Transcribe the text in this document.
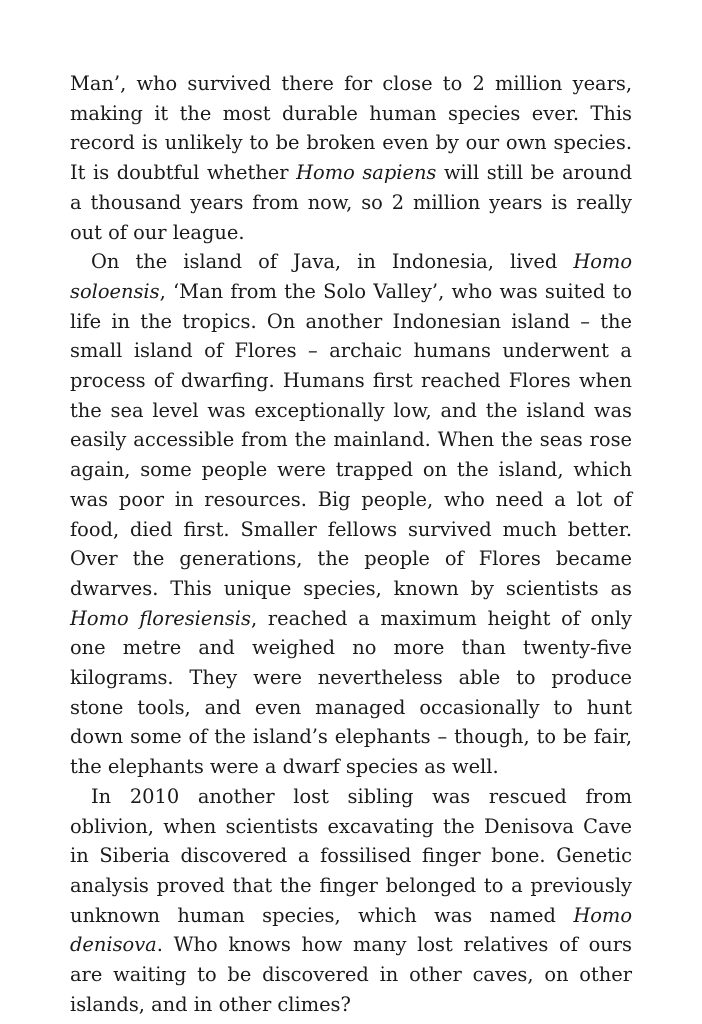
Man’, who survived there for close to 2 million years, making it the most durable human species ever. This record is unlikely to be broken even by our own species. It is doubtful whether Homo sapiens will still be around a thousand years from now, so 2 million years is really out of our league.

On the island of Java, in Indonesia, lived Homo soloensis, ‘Man from the Solo Valley’, who was suited to life in the tropics. On another Indonesian island – the small island of Flores – archaic humans underwent a process of dwarfing. Humans first reached Flores when the sea level was exceptionally low, and the island was easily accessible from the mainland. When the seas rose again, some people were trapped on the island, which was poor in resources. Big people, who need a lot of food, died first. Smaller fellows survived much better. Over the generations, the people of Flores became dwarves. This unique species, known by scientists as Homo floresiensis, reached a maximum height of only one metre and weighed no more than twenty-five kilograms. They were nevertheless able to produce stone tools, and even managed occasionally to hunt down some of the island’s elephants – though, to be fair, the elephants were a dwarf species as well.

In 2010 another lost sibling was rescued from oblivion, when scientists excavating the Denisova Cave in Siberia discovered a fossilised finger bone. Genetic analysis proved that the finger belonged to a previously unknown human species, which was named Homo denisova. Who knows how many lost relatives of ours are waiting to be discovered in other caves, on other islands, and in other climes?
